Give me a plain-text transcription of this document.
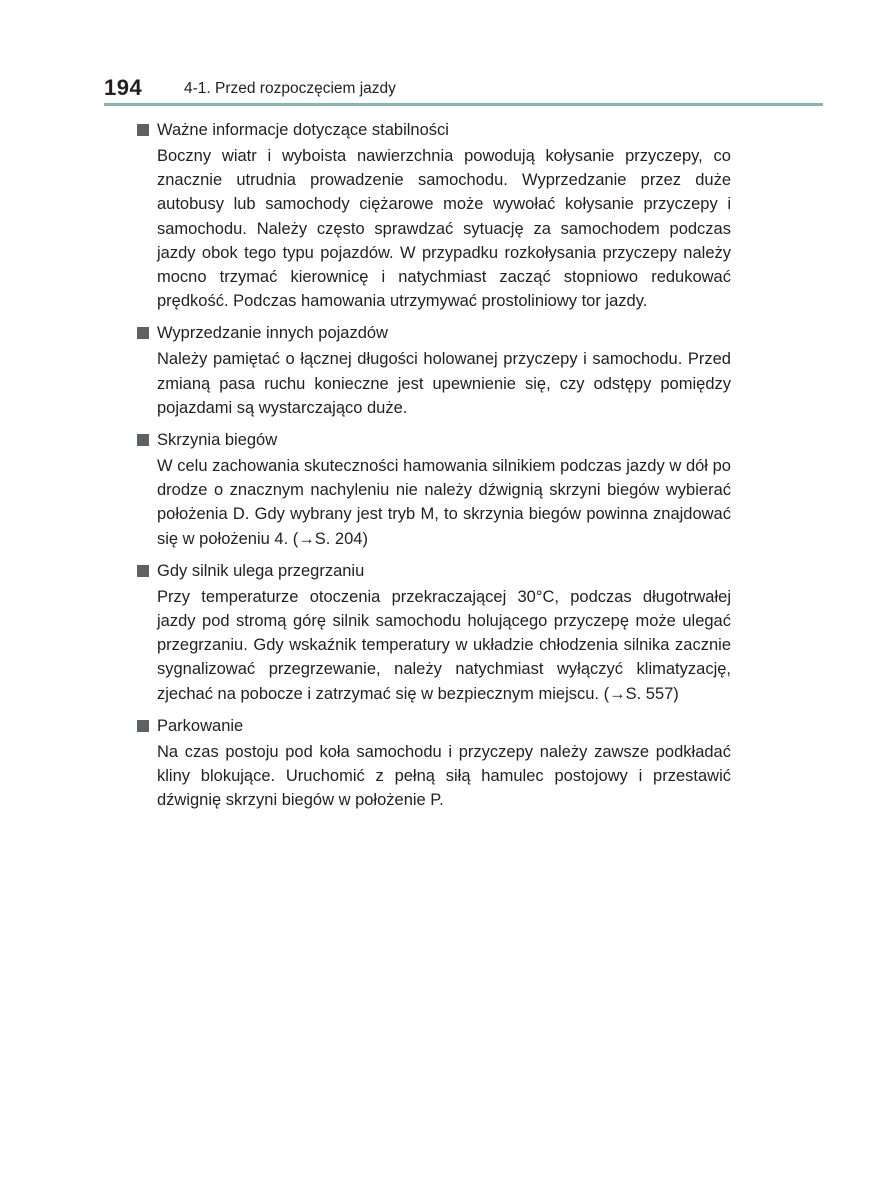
194	4-1. Przed rozpoczęciem jazdy
Ważne informacje dotyczące stabilności
Boczny wiatr i wyboista nawierzchnia powodują kołysanie przyczepy, co znacznie utrudnia prowadzenie samochodu. Wyprzedzanie przez duże autobusy lub samochody ciężarowe może wywołać kołysanie przyczepy i samochodu. Należy często sprawdzać sytuację za samochodem podczas jazdy obok tego typu pojazdów. W przypadku rozkołysania przyczepy należy mocno trzymać kierownicę i natychmiast zacząć stopniowo redukować prędkość. Podczas hamowania utrzymywać prostoliniowy tor jazdy.
Wyprzedzanie innych pojazdów
Należy pamiętać o łącznej długości holowanej przyczepy i samochodu. Przed zmianą pasa ruchu konieczne jest upewnienie się, czy odstępy pomiędzy pojazdami są wystarczająco duże.
Skrzynia biegów
W celu zachowania skuteczności hamowania silnikiem podczas jazdy w dół po drodze o znacznym nachyleniu nie należy dźwignią skrzyni biegów wybierać położenia D. Gdy wybrany jest tryb M, to skrzynia biegów powinna znajdować się w położeniu 4. (→S. 204)
Gdy silnik ulega przegrzaniu
Przy temperaturze otoczenia przekraczającej 30°C, podczas długotrwałej jazdy pod stromą górę silnik samochodu holującego przyczepę może ulegać przegrzaniu. Gdy wskaźnik temperatury w układzie chłodzenia silnika zacznie sygnalizować przegrzewanie, należy natychmiast wyłączyć klimatyzację, zjechać na pobocze i zatrzymać się w bezpiecznym miejscu. (→S. 557)
Parkowanie
Na czas postoju pod koła samochodu i przyczepy należy zawsze podkładać kliny blokujące. Uruchomić z pełną siłą hamulec postojowy i przestawić dźwignię skrzyni biegów w położenie P.
